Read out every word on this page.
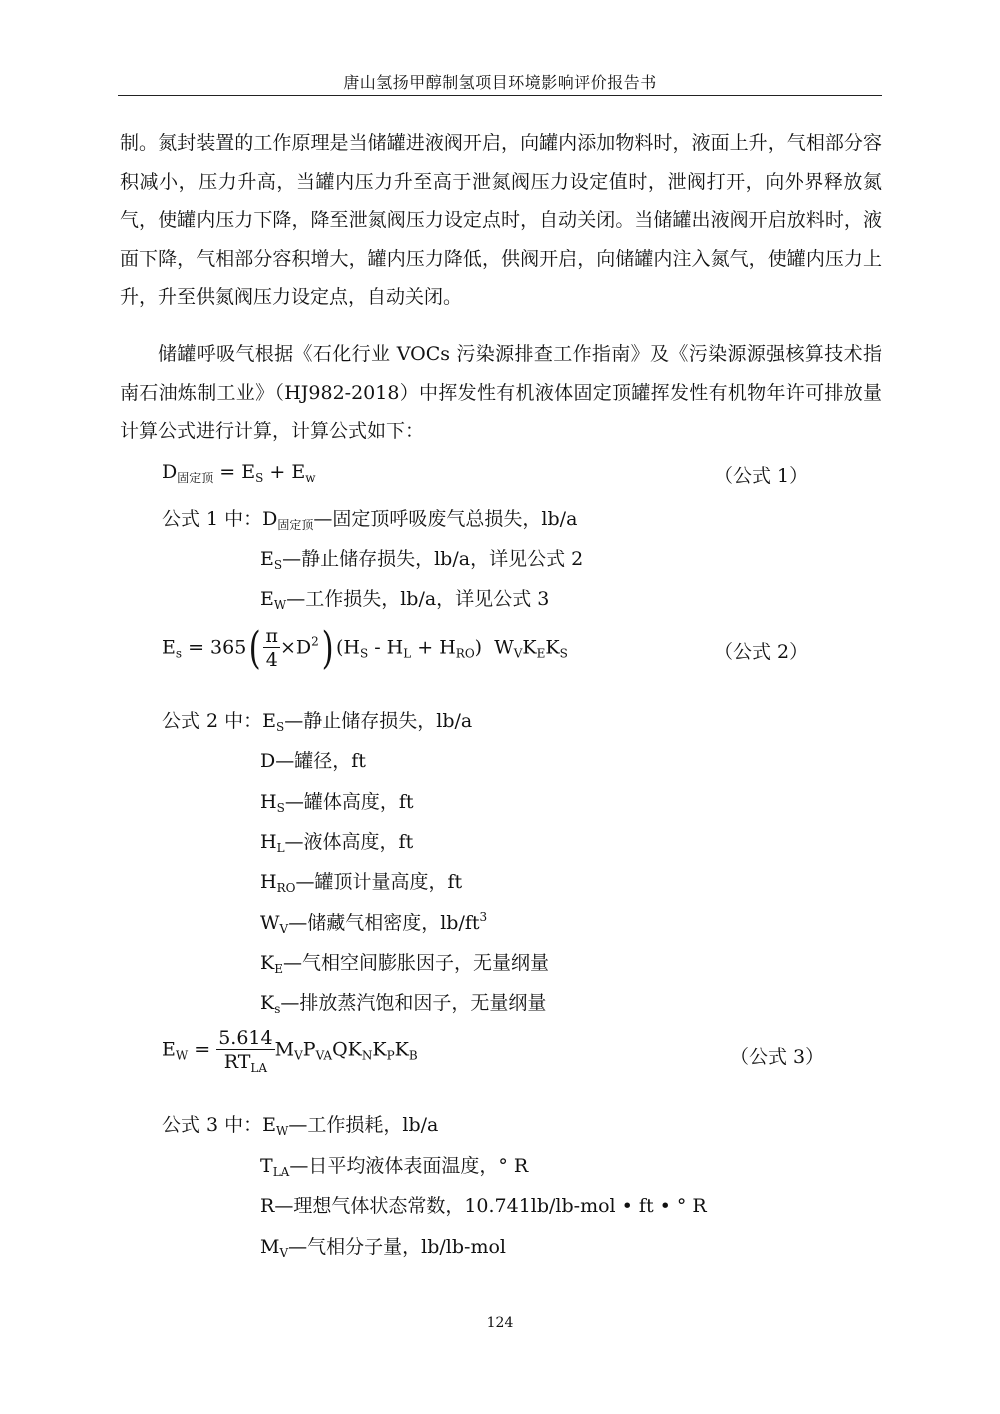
唐山氢扬甲醇制氢项目环境影响评价报告书

制。氮封装置的工作原理是当储罐进液阀开启，向罐内添加物料时，液面上升，气相部分容积减小，压力升高，当罐内压力升至高于泄氮阀压力设定值时，泄阀打开，向外界释放氮气，使罐内压力下降，降至泄氮阀压力设定点时，自动关闭。当储罐出液阀开启放料时，液面下降，气相部分容积增大，罐内压力降低，供阀开启，向储罐内注入氮气，使罐内压力上升，升至供氮阀压力设定点，自动关闭。

储罐呼吸气根据《石化行业 VOCs 污染源排查工作指南》及《污染源源强核算技术指南石油炼制工业》（HJ982-2018）中挥发性有机液体固定顶罐挥发性有机物年许可排放量计算公式进行计算，计算公式如下：

$D_{固定顶} = E_S + E_w$	（公式 1）
公式 1 中：$D_{固定顶}—$固定顶呼吸废气总损失，lb/a
$E_S—$静止储存损失，lb/a，详见公式 2
$E_W—$工作损失，lb/a，详见公式 3
$E_s = 365( \frac{\pi}{4} \times D^2)$ $(H_S - H_L + H_{RO})$ $W_VK_EK_S$	（公式 2）
公式 2 中：$E_S—$静止储存损失，lb/a
D—罐径，ft
$H_S—$罐体高度，ft
$H_L—$液体高度，ft
$H_{RO}—$罐顶计量高度，ft
$W_V—$储藏气相密度，$lb/ft^3$
$K_E—$气相空间膨胀因子，无量纲量
$K_s—$排放蒸汽饱和因子，无量纲量
$E_W = \frac{5.614}{RT_{LA}} M_VP_{VA}QK_NK_PK_B$	（公式 3）
公式 3 中：$E_W—$工作损耗，lb/a
$T_{LA}—$日平均液体表面温度，° R
R—理想气体状态常数，10.741lb/lb-mol • ft • ° R
$M_V—$气相分子量，lb/lb-mol
124
